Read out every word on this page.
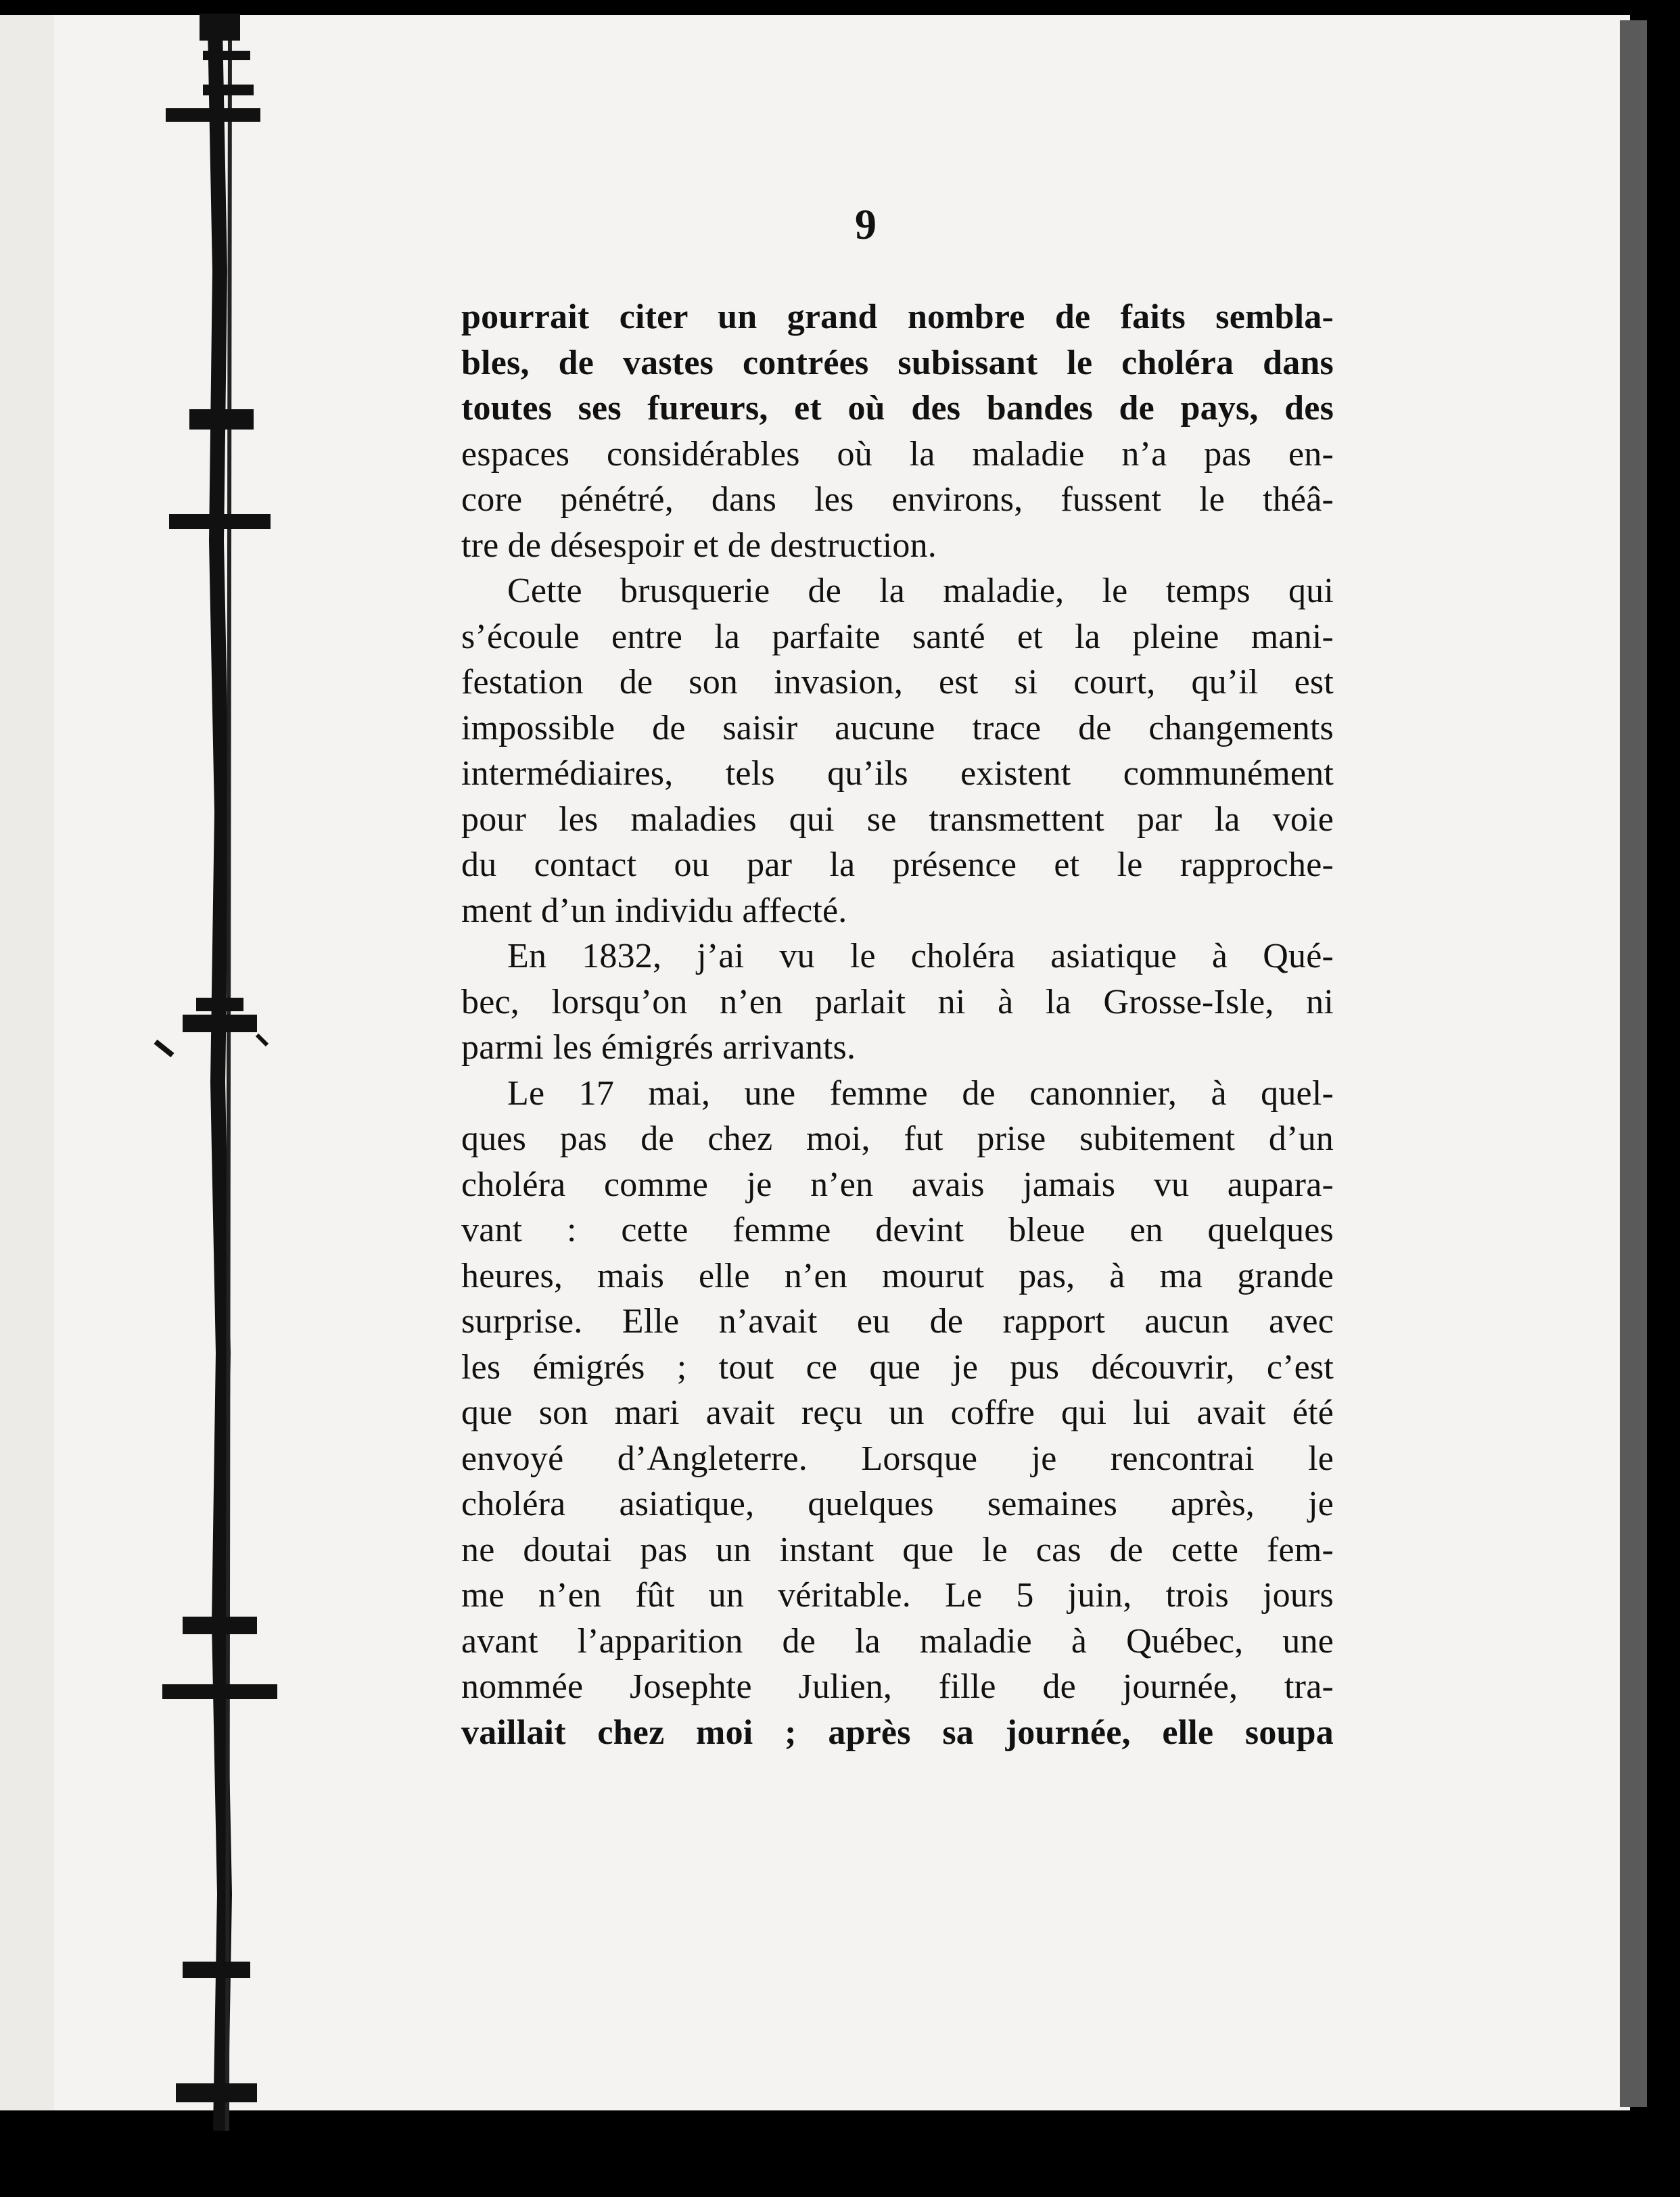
9
pourrait citer un grand nombre de faits sembla-
bles, de vastes contrées subissant le choléra dans
toutes ses fureurs, et où des bandes de pays, des
espaces considérables où la maladie n’a pas en-
core pénétré, dans les environs, fussent le théâ-
tre de désespoir et de destruction.
Cette brusquerie de la maladie, le temps qui
s’écoule entre la parfaite santé et la pleine mani-
festation de son invasion, est si court, qu’il est
impossible de saisir aucune trace de changements
intermédiaires, tels qu’ils existent communément
pour les maladies qui se transmettent par la voie
du contact ou par la présence et le rapproche-
ment d’un individu affecté.
En 1832, j’ai vu le choléra asiatique à Qué-
bec, lorsqu’on n’en parlait ni à la Grosse-Isle, ni
parmi les émigrés arrivants.
Le 17 mai, une femme de canonnier, à quel-
ques pas de chez moi, fut prise subitement d’un
choléra comme je n’en avais jamais vu aupara-
vant : cette femme devint bleue en quelques
heures, mais elle n’en mourut pas, à ma grande
surprise. Elle n’avait eu de rapport aucun avec
les émigrés ; tout ce que je pus découvrir, c’est
que son mari avait reçu un coffre qui lui avait été
envoyé d’Angleterre. Lorsque je rencontrai le
choléra asiatique, quelques semaines après, je
ne doutai pas un instant que le cas de cette fem-
me n’en fût un véritable. Le 5 juin, trois jours
avant l’apparition de la maladie à Québec, une
nommée Josephte Julien, fille de journée, tra-
vaillait chez moi ; après sa journée, elle soupa
